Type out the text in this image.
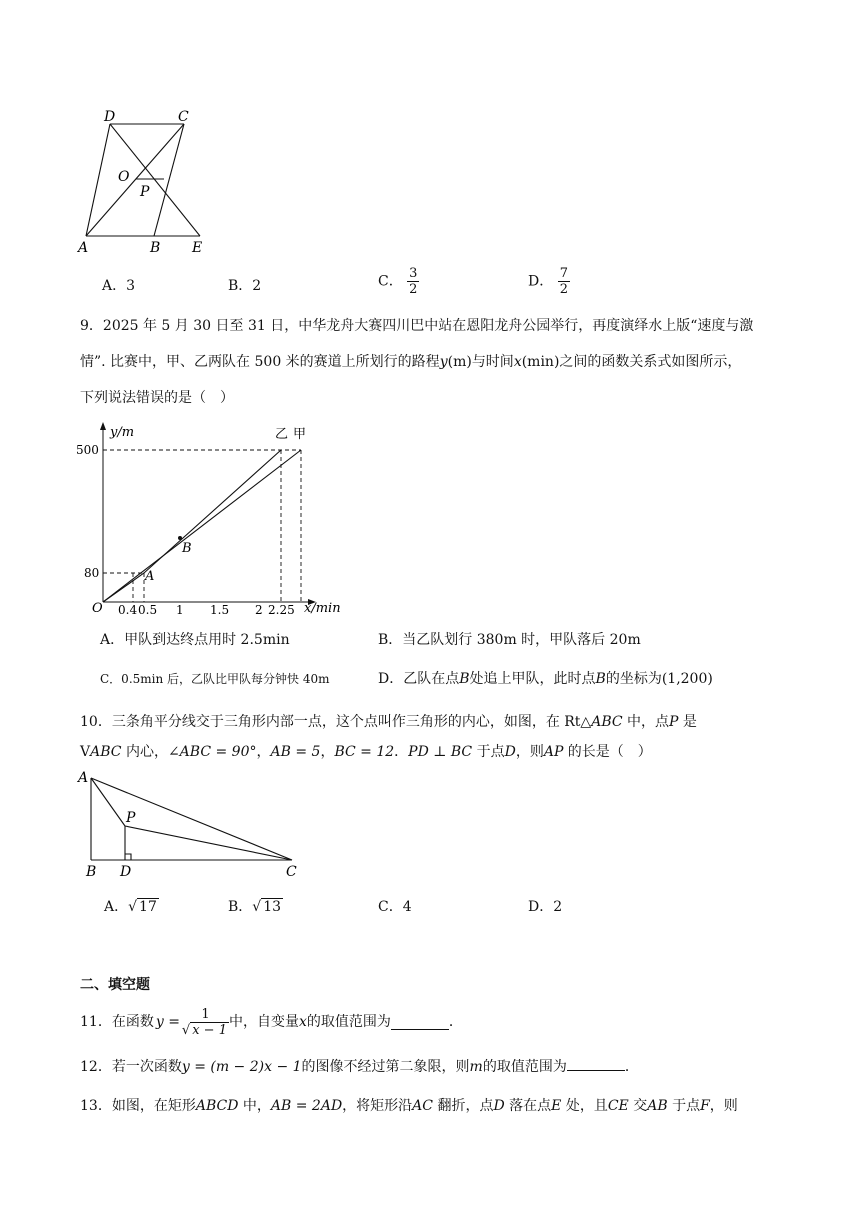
D	C
O
P
A	B E
A．3	B．2	C． $\frac{3}{2}$	D． $\frac{7}{2}$
9．2025 年 5 月 30 日至 31 日，中华龙舟大赛四川巴中站在恩阳龙舟公园举行，再度演绎水上版“速度与激
情”. 比赛中，甲、乙两队在 500 米的赛道上所划行的路程y(m)与时间x(min)之间的函数关系式如图所示，
下列说法错误的是（　）
y/m
x/min
O
500
80
0.4 0.5 1 1.5 2 2.25
乙 甲
A
B
A．甲队到达终点用时 2.5min	B．当乙队划行 380m 时，甲队落后 20m
C．0.5min 后，乙队比甲队每分钟快 40m	D．乙队在点B处追上甲队，此时点B的坐标为(1,200)
10．三条角平分线交于三角形内部一点，这个点叫作三角形的内心，如图，在 Rt△ABC 中，点P 是
VABC 内心，∠ABC = 90°，AB = 5，BC = 12．PD ⊥ BC 于点D，则AP 的长是（　）
A
P
B D	C
A．√ 17	B．√ 13	C．4	D．2
二、填空题
11．在函数 $y = \frac{1}{√ x - 1}$ 中，自变量 x 的取值范围为	．
12．若一次函数y = (m − 2)x − 1的图像不经过第二象限，则m的取值范围为	．
13．如图，在矩形ABCD 中，AB = 2AD，将矩形沿AC 翻折，点D 落在点E 处，且CE 交AB 于点F，则
